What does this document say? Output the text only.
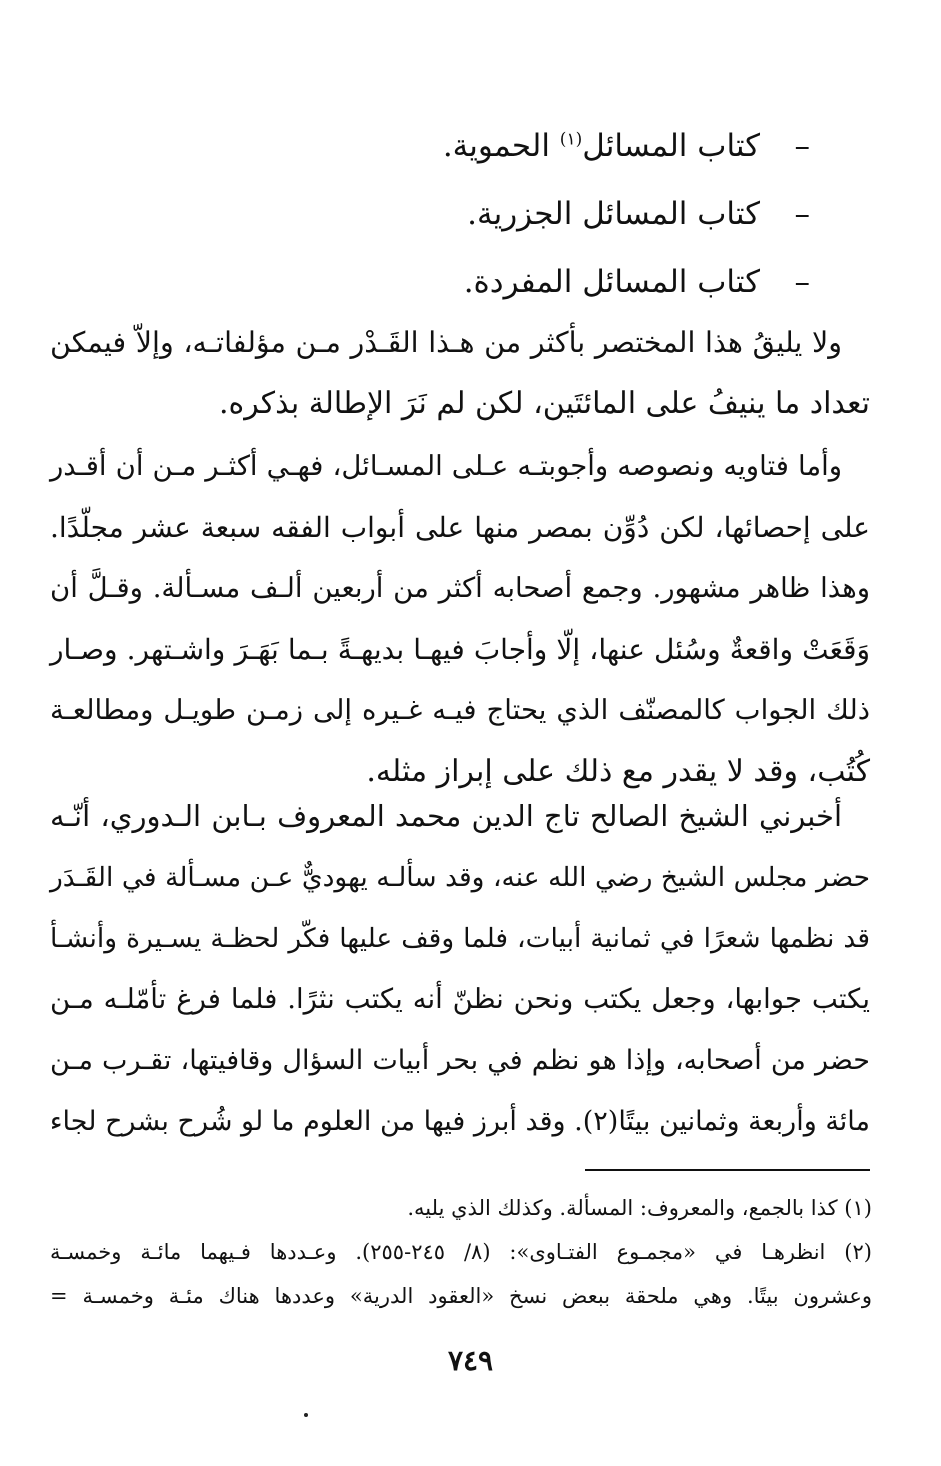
–
كتاب المسائل$^{(١)}$ الحموية.
–
كتاب المسائل الجزرية.
–
كتاب المسائل المفردة.

ولا يليقُ هذا المختصر بأكثر من هـذا القَـدْر مـن مؤلفاتـه، وإلاّ فيمكن
تعداد ما ينيفُ على المائتَين، لكن لم نَرَ الإطالة بذكره.

وأما فتاويه ونصوصه وأجوبتـه عـلى المسـائل، فهـي أكثـر مـن أن أقـدر
على إحصائها، لكن دُوِّن بمصر منها على أبواب الفقه سبعة عشر مجلّدًا.
وهذا ظاهر مشهور. وجمع أصحابه أكثر من أربعين ألـف مسـألة. وقـلَّ أن
وَقَعَتْ واقعةٌ وسُئل عنها، إلّا وأجابَ فيهـا بديهـةً بـما بَهَـرَ واشـتهر. وصـار
ذلك الجواب كالمصنّف الذي يحتاج فيـه غـيره إلى زمـن طويـل ومطالعـة
كُتُب، وقد لا يقدر مع ذلك على إبراز مثله.

أخبرني الشيخ الصالح تاج الدين محمد المعروف بـابن الـدوري، أنّـه
حضر مجلس الشيخ رضي الله عنه، وقد سألـه يهوديٌّ عـن مسـألة في القَـدَر
قد نظمها شعرًا في ثمانية أبيات، فلما وقف عليها فكّر لحظـة يسـيرة وأنشـأ
يكتب جوابها، وجعل يكتب ونحن نظنّ أنه يكتب نثرًا. فلما فرغ تأمّلـه مـن
حضر من أصحابه، وإذا هو نظم في بحر أبيات السؤال وقافيتها، تقـرب مـن
مائة وأربعة وثمانين بيتًا(٢). وقد أبرز فيها من العلوم ما لو شُرح بشرح لجاء

(١) كذا بالجمع، والمعروف: المسألة. وكذلك الذي يليه.
(٢) انظرهـا في «مجمـوع الفتـاوى»: (٨/ ٢٤٥-٢٥٥). وعـددها فـيهما مائـة وخمسـة
وعشرون بيتًا. وهي ملحقة ببعض نسخ «العقود الدرية» وعددها هناك مئـة وخمسـة =
٧٤٩
